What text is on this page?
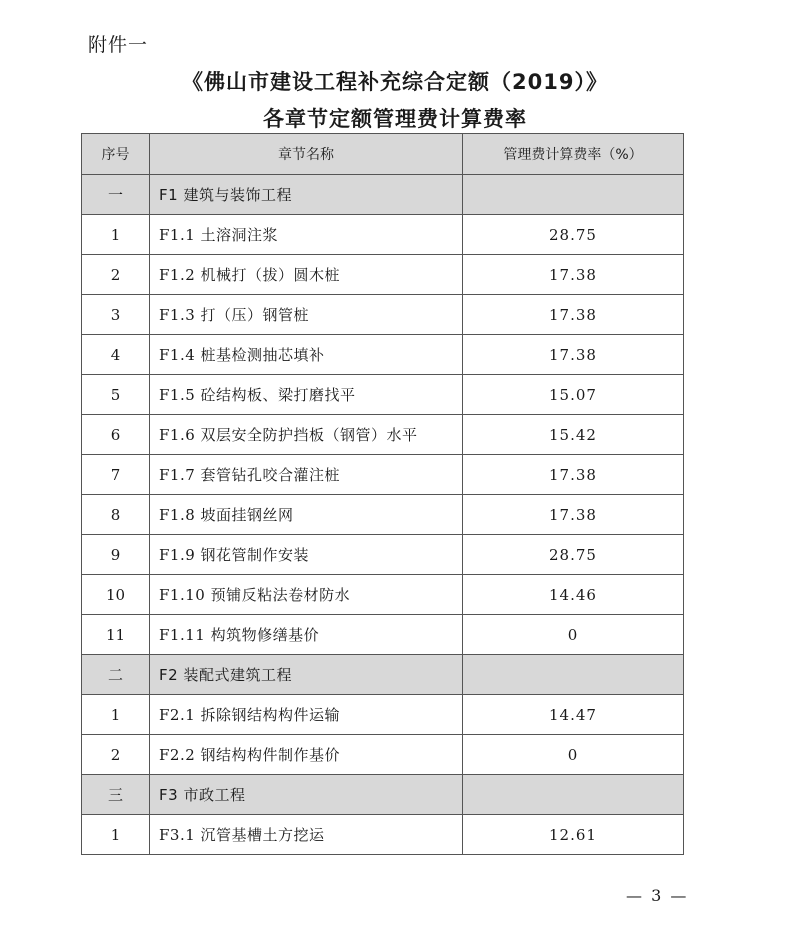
附件一
《佛山市建设工程补充综合定额（2019）》
各章节定额管理费计算费率
序号	章节名称	管理费计算费率（%）
一	F1 建筑与装饰工程	
1	F1.1 土溶洞注浆	28.75
2	F1.2 机械打（拔）圆木桩	17.38
3	F1.3 打（压）钢管桩	17.38
4	F1.4 桩基检测抽芯填补	17.38
5	F1.5 砼结构板、梁打磨找平	15.07
6	F1.6 双层安全防护挡板（钢管）水平	15.42
7	F1.7 套管钻孔咬合灌注桩	17.38
8	F1.8 坡面挂钢丝网	17.38
9	F1.9 钢花管制作安装	28.75
10	F1.10 预铺反粘法卷材防水	14.46
11	F1.11 构筑物修缮基价	0
二	F2 装配式建筑工程	
1	F2.1 拆除钢结构构件运输	14.47
2	F2.2 钢结构构件制作基价	0
三	F3 市政工程	
1	F3.1 沉管基槽土方挖运	12.61
— 3 —
